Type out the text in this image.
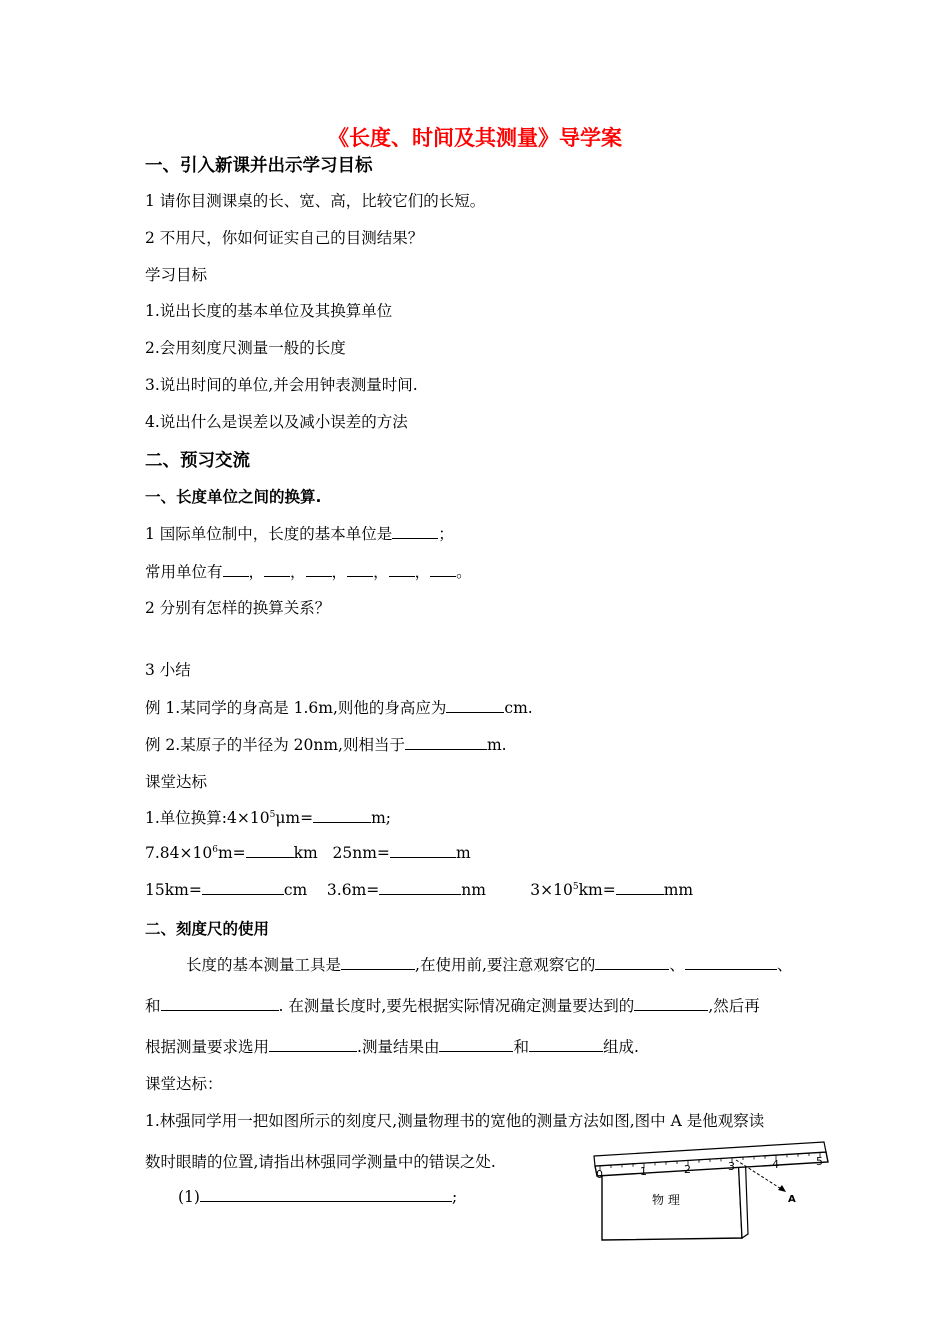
《长度、时间及其测量》导学案
一、引入新课并出示学习目标
1 请你目测课桌的长、宽、高，比较它们的长短。
2 不用尺，你如何证实自己的目测结果？
学习目标
1.说出长度的基本单位及其换算单位
2.会用刻度尺测量一般的长度
3.说出时间的单位,并会用钟表测量时间.
4.说出什么是误差以及减小误差的方法
二、预习交流
一、长度单位之间的换算.
1 国际单位制中，长度的基本单位是	；
常用单位有 ， ， ， ， ， 。
2 分别有怎样的换算关系？
3 小结
例 1.某同学的身高是 1.6m,则他的身高应为	cm.
例 2.某原子的半径为 20nm,则相当于	m.
课堂达标
1.单位换算$:4\times 10^5\mu m=$	m;
$7.84\times 10^6m=$	km 25nm=	m
15km=	cm 3.6m=	nm	$3\times 10^5km=$	mm
二、刻度尺的使用
长度的基本测量工具是	,在使用前,要注意观察它的	、	、
和	. 在测量长度时,要先根据实际情况确定测量要达到的	,然后再
根据测量要求选用	.测量结果由	和	组成.
课堂达标：
1.林强同学用一把如图所示的刻度尺,测量物理书的宽他的测量方法如图,图中 A 是他观察读
数时眼睛的位置,请指出林强同学测量中的错误之处.
(1)	;	物 理
0	1	2	3	4	5
A
